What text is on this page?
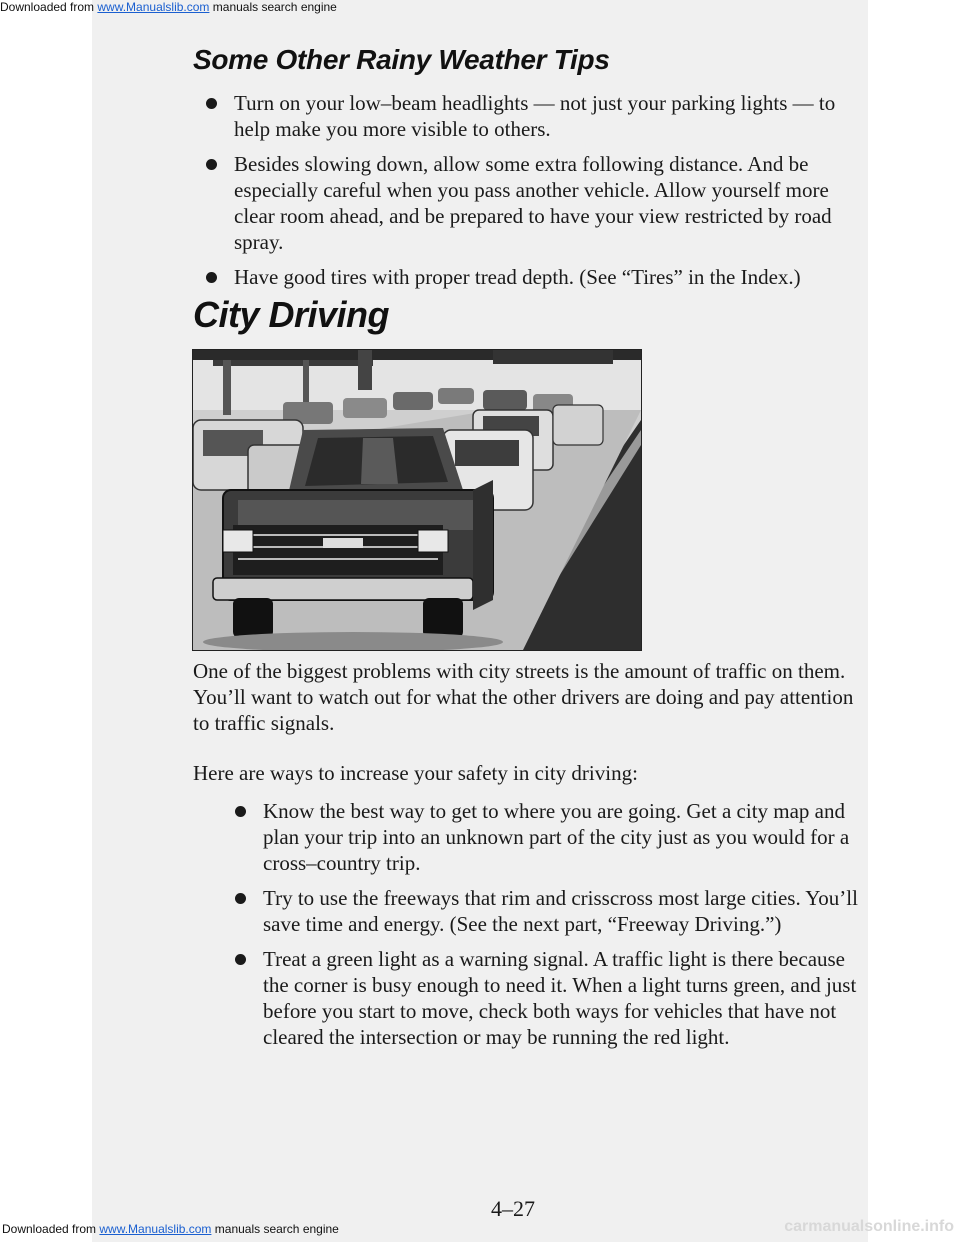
Downloaded from www.Manualslib.com manuals search engine
Some Other Rainy Weather Tips
Turn on your low–beam headlights — not just your parking lights — to help make you more visible to others.
Besides slowing down, allow some extra following distance. And be especially careful when you pass another vehicle. Allow yourself more clear room ahead, and be prepared to have your view restricted by road spray.
Have good tires with proper tread depth. (See “Tires” in the Index.)
City Driving
One of the biggest problems with city streets is the amount of traffic on them. You’ll want to watch out for what the other drivers are doing and pay attention to traffic signals.
Here are ways to increase your safety in city driving:
Know the best way to get to where you are going. Get a city map and plan your trip into an unknown part of the city just as you would for a cross–country trip.
Try to use the freeways that rim and crisscross most large cities. You’ll save time and energy. (See the next part, “Freeway Driving.”)
Treat a green light as a warning signal. A traffic light is there because the corner is busy enough to need it. When a light turns green, and just before you start to move, check both ways for vehicles that have not cleared the intersection or may be running the red light.
4–27
Downloaded from www.Manualslib.com manuals search engine	carmanualsonline.info
